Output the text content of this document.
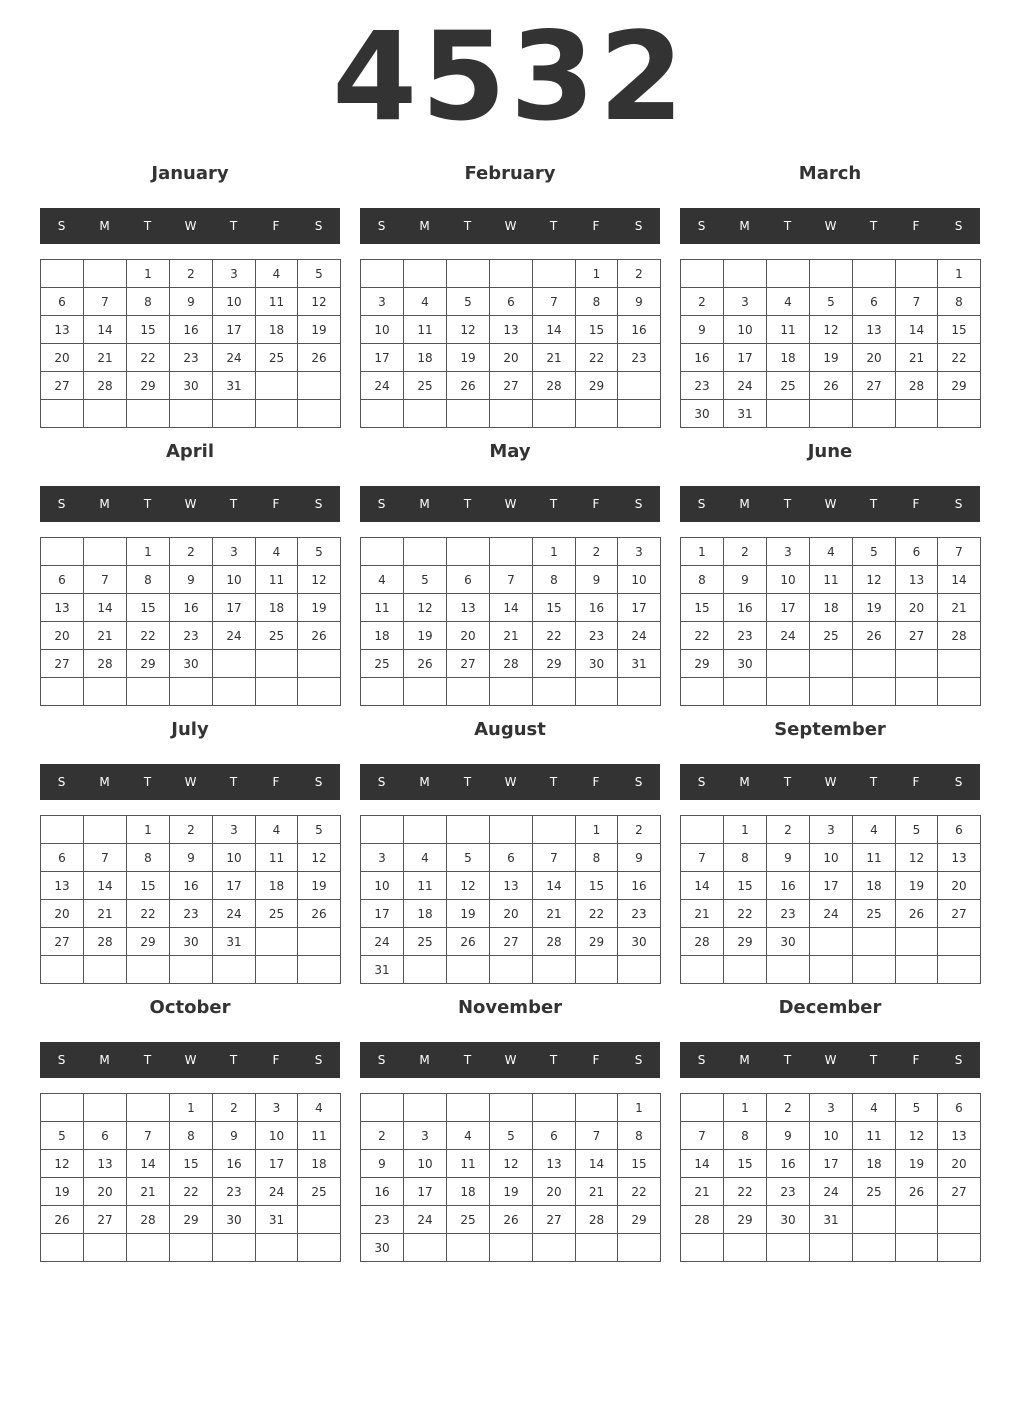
4532
January
S	M	T	W	T	F	S
		1	2	3	4	5
6	7	8	9	10	11	12
13	14	15	16	17	18	19
20	21	22	23	24	25	26
27	28	29	30	31		

February
S	M	T	W	T	F	S
					1	2
3	4	5	6	7	8	9
10	11	12	13	14	15	16
17	18	19	20	21	22	23
24	25	26	27	28	29	

March
S	M	T	W	T	F	S
						1
2	3	4	5	6	7	8
9	10	11	12	13	14	15
16	17	18	19	20	21	22
23	24	25	26	27	28	29
30	31					
April
S	M	T	W	T	F	S
		1	2	3	4	5
6	7	8	9	10	11	12
13	14	15	16	17	18	19
20	21	22	23	24	25	26
27	28	29	30			

May
S	M	T	W	T	F	S
				1	2	3
4	5	6	7	8	9	10
11	12	13	14	15	16	17
18	19	20	21	22	23	24
25	26	27	28	29	30	31

June
S	M	T	W	T	F	S
1	2	3	4	5	6	7
8	9	10	11	12	13	14
15	16	17	18	19	20	21
22	23	24	25	26	27	28
29	30					

July
S	M	T	W	T	F	S
		1	2	3	4	5
6	7	8	9	10	11	12
13	14	15	16	17	18	19
20	21	22	23	24	25	26
27	28	29	30	31		

August
S	M	T	W	T	F	S
					1	2
3	4	5	6	7	8	9
10	11	12	13	14	15	16
17	18	19	20	21	22	23
24	25	26	27	28	29	30
31						
September
S	M	T	W	T	F	S
	1	2	3	4	5	6
7	8	9	10	11	12	13
14	15	16	17	18	19	20
21	22	23	24	25	26	27
28	29	30				

October
S	M	T	W	T	F	S
			1	2	3	4
5	6	7	8	9	10	11
12	13	14	15	16	17	18
19	20	21	22	23	24	25
26	27	28	29	30	31	

November
S	M	T	W	T	F	S
						1
2	3	4	5	6	7	8
9	10	11	12	13	14	15
16	17	18	19	20	21	22
23	24	25	26	27	28	29
30						
December
S	M	T	W	T	F	S
	1	2	3	4	5	6
7	8	9	10	11	12	13
14	15	16	17	18	19	20
21	22	23	24	25	26	27
28	29	30	31			
